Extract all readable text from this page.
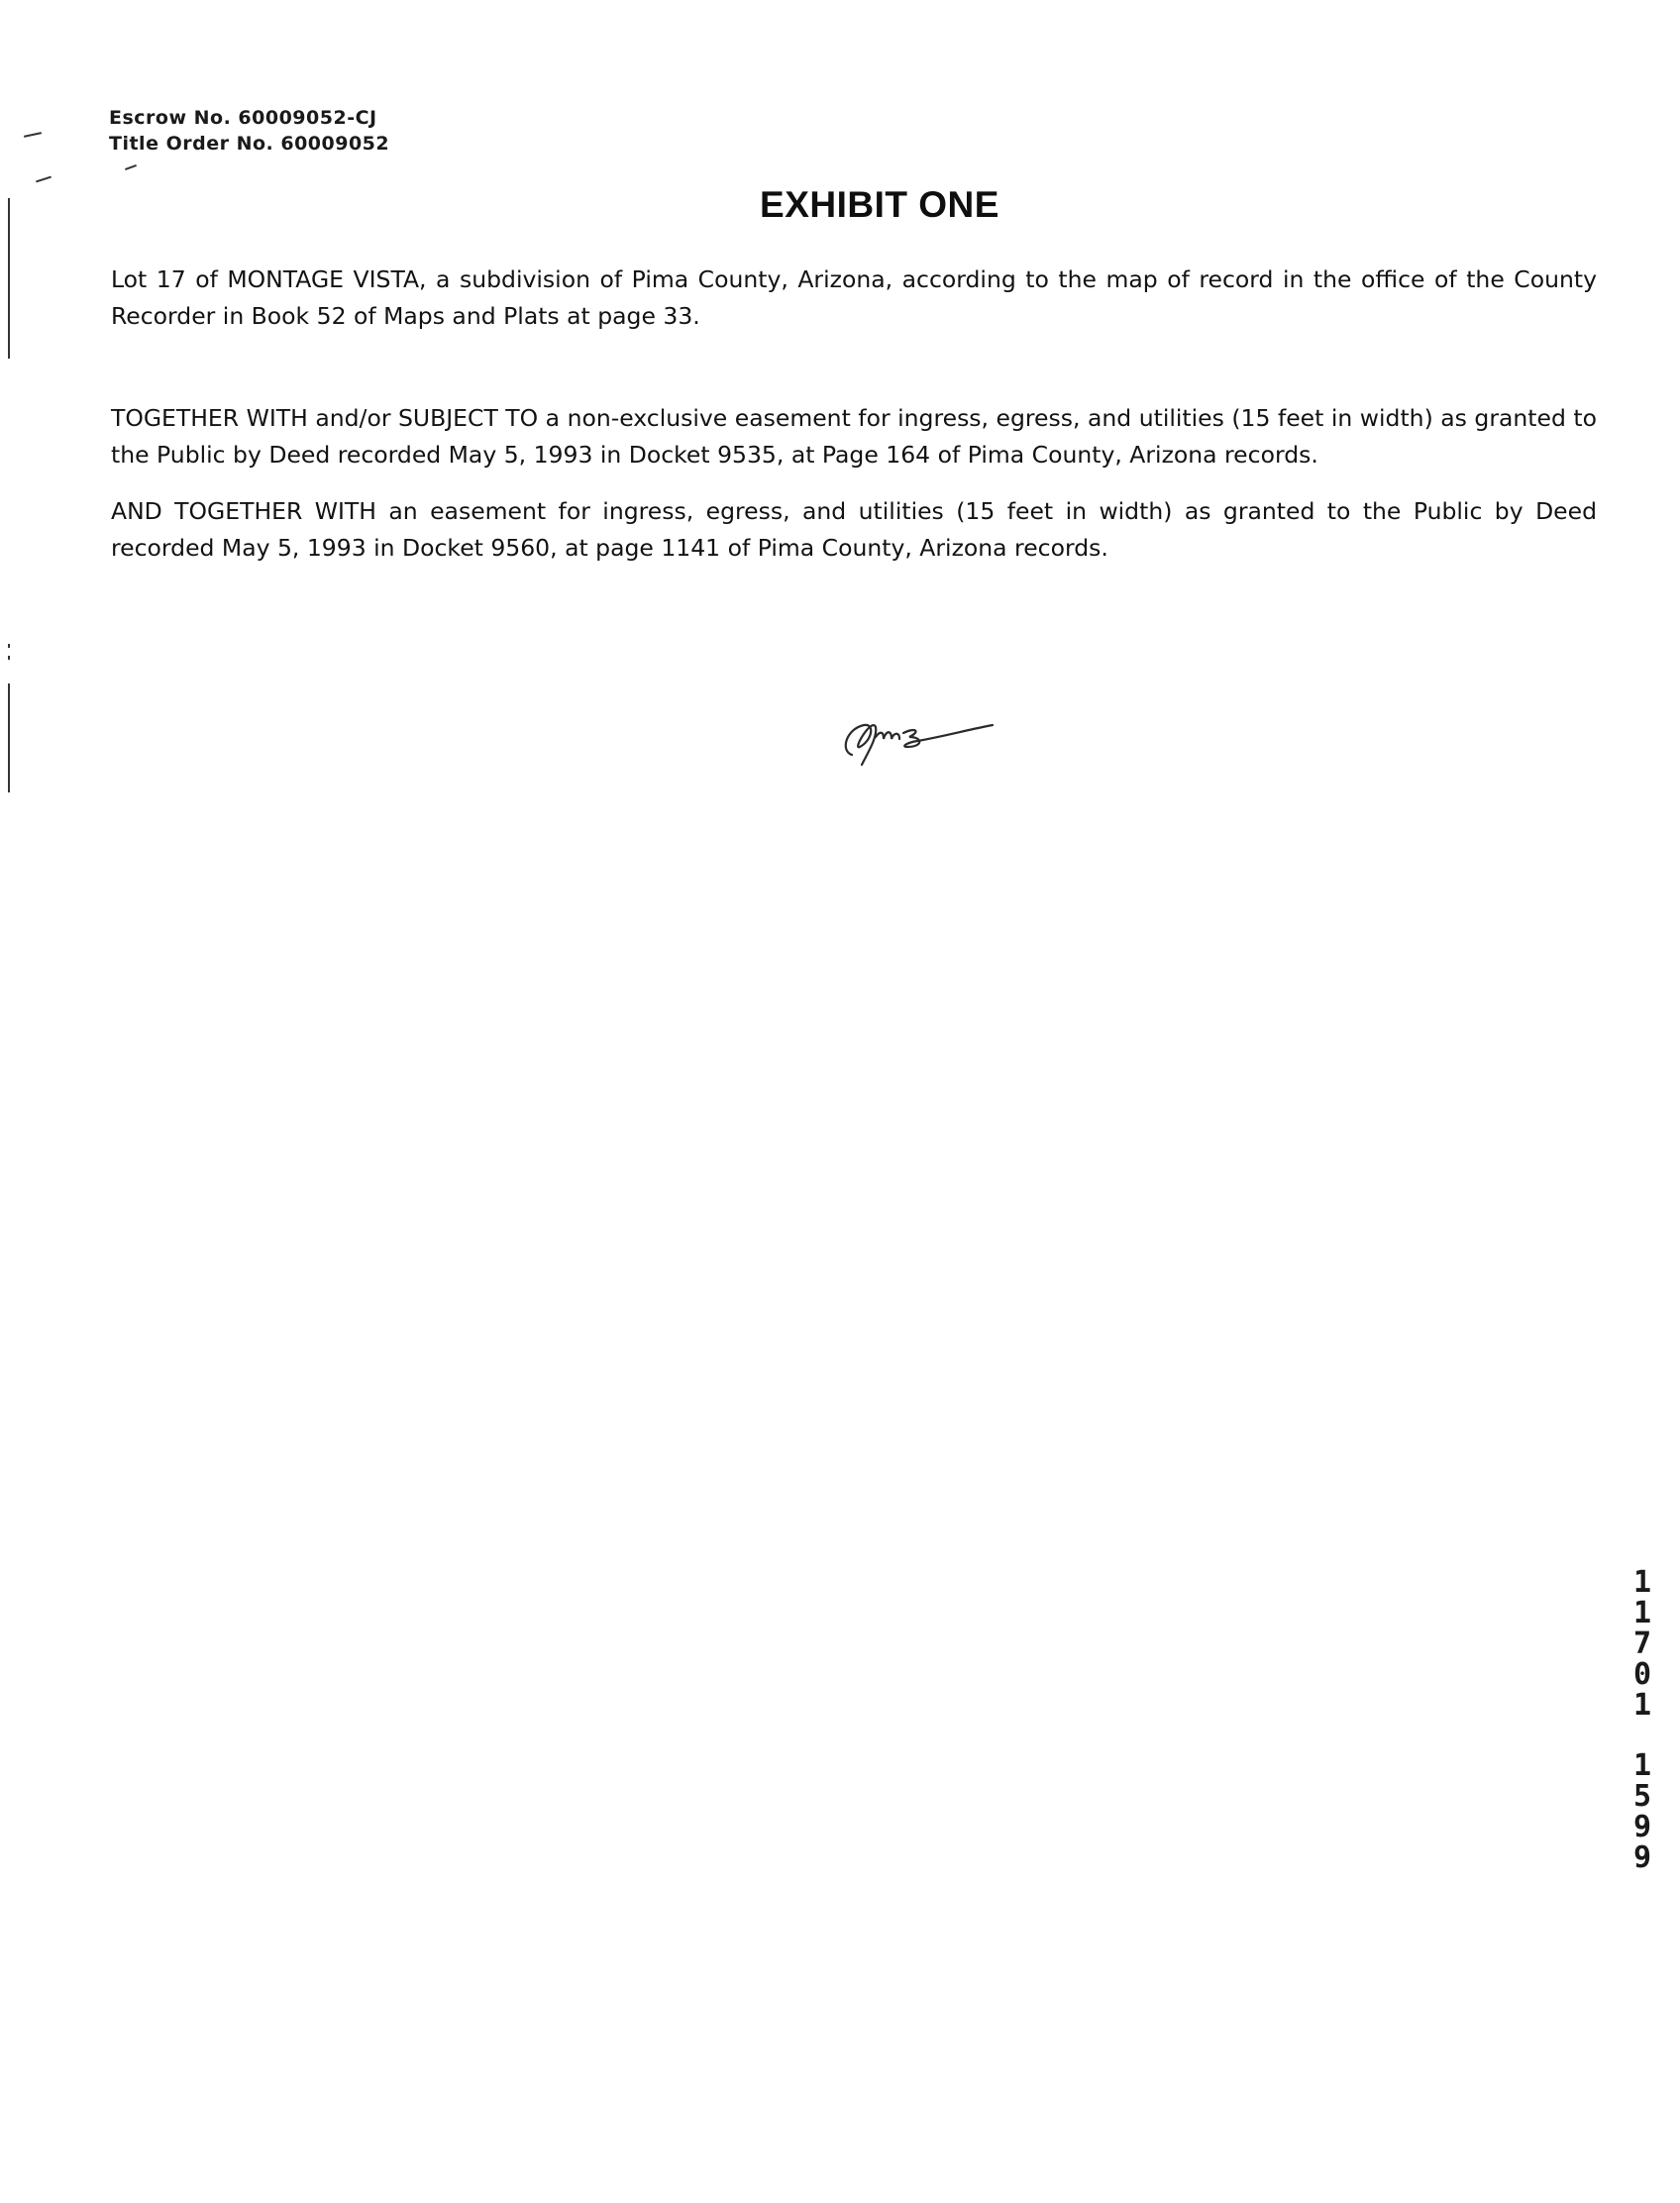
Escrow No. 60009052-CJ
Title Order No. 60009052
EXHIBIT ONE
Lot 17 of MONTAGE VISTA, a subdivision of Pima County, Arizona, according to the map of record in the office of the County Recorder in Book 52 of Maps and Plats at page 33.
TOGETHER WITH and/or SUBJECT TO a non-exclusive easement for ingress, egress, and utilities (15 feet in width) as granted to the Public by Deed recorded May 5, 1993 in Docket 9535, at Page 164 of Pima County, Arizona records.
AND TOGETHER WITH an easement for ingress, egress, and utilities (15 feet in width) as granted to the Public by Deed recorded May 5, 1993 in Docket 9560, at page 1141 of Pima County, Arizona records.
1
1
7
0
1
1
5
9
9
